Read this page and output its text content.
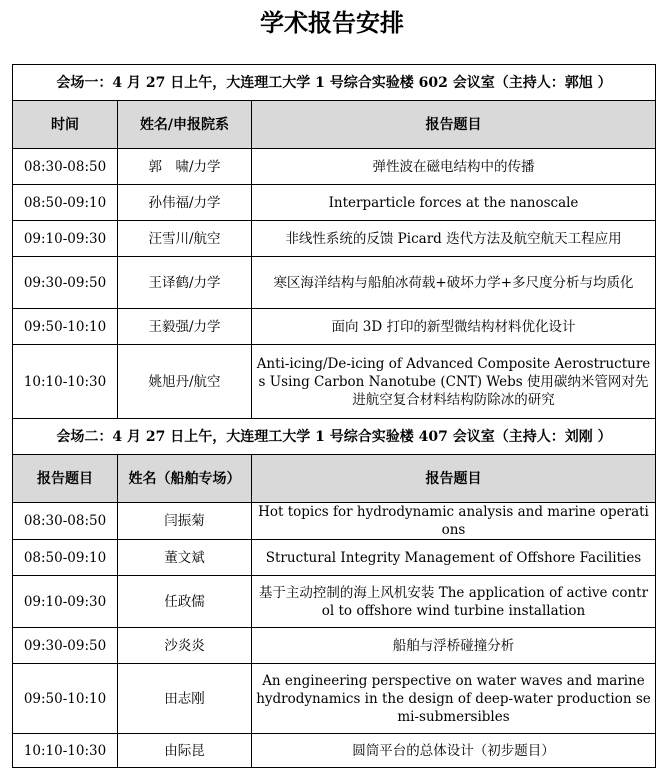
学术报告安排
会场一：4 月 27 日上午，大连理工大学 1 号综合实验楼 602 会议室（主持人：郭旭 ）		
时间	姓名/申报院系	报告题目
08:30-08:50	郭　啸/力学	弹性波在磁电结构中的传播
08:50-09:10	孙伟福/力学	Interparticle forces at the nanoscale
09:10-09:30	汪雪川/航空	非线性系统的反馈 Picard 迭代方法及航空航天工程应用
09:30-09:50	王译鹤/力学	寒区海洋结构与船舶冰荷载+破坏力学+多尺度分析与均质化
09:50-10:10	王毅强/力学	面向 3D 打印的新型微结构材料优化设计
10:10-10:30	姚旭丹/航空	Anti-icing/De-icing of Advanced Composite Aerostructures Using Carbon Nanotube (CNT) Webs 使用碳纳米管网对先进航空复合材料结构防除冰的研究
会场二：4 月 27 日上午，大连理工大学 1 号综合实验楼 407 会议室（主持人：刘刚 ）		
报告题目	姓名（船舶专场）	报告题目
08:30-08:50	闫振菊	Hot topics for hydrodynamic analysis and marine operations
08:50-09:10	董文斌	Structural Integrity Management of Offshore Facilities
09:10-09:30	任政儒	基于主动控制的海上风机安装 The application of active control to offshore wind turbine installation
09:30-09:50	沙炎炎	船舶与浮桥碰撞分析
09:50-10:10	田志刚	An engineering perspective on water waves and marine hydrodynamics in the design of deep-water production semi-submersibles
10:10-10:30	由际昆	圆筒平台的总体设计（初步题目）
